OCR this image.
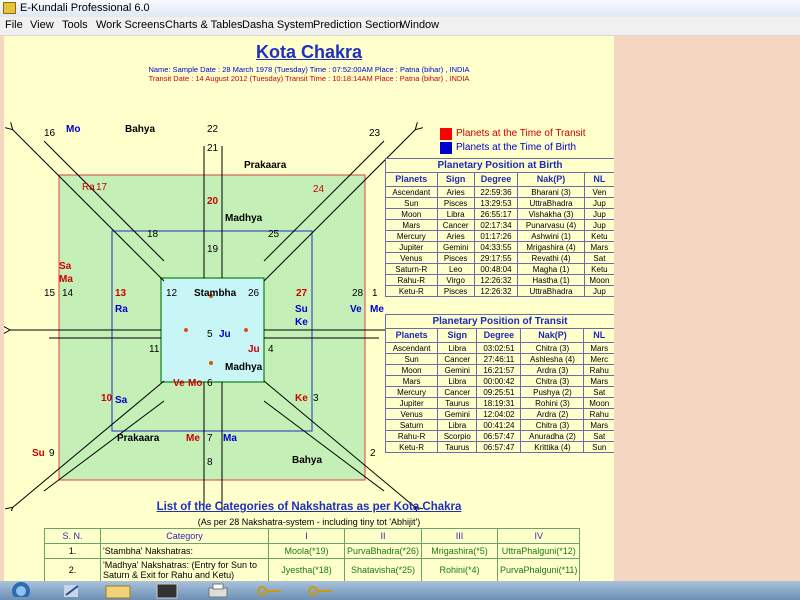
E-Kundali Professional 6.0
File View Tools Work Screens Charts & Tables Dasha System Prediction Section
Window
Kota Chakra
Name: Sample Date : 28 March 1978 (Tuesday) Time : 07:52:00AM Place : Patna (bihar) , INDIA
Transit Date : 14 August 2012 (Tuesday) Transit Time : 10:18:14AM Place : Patna (bihar) , INDIA
Bahya
Prakaara
Madhya
Stambha
Madhya
Prakaara
Bahya
22
21
20
19
16 Mo	23
Ra 17	24
18	25
Sa
Ma
15 14	13	12	26	27	28 1
Ra	Su
Ke
Ve Me
5 Ju
11	Ju 4
Ve Mo 6
10 Sa	Ke 3
Me 7 Ma
Su 9	2
8
Planets at the Time of Transit
Planets at the Time of Birth
Planetary Position at Birth
Planets	Sign	Degree	Nak(P)	NL
Ascendant	Aries	22:59:36	Bharani (3)	Ven
Sun	Pisces	13:29:53	UttraBhadra	Jup
Moon	Libra	26:55:17	Vishakha (3)	Jup
Mars	Cancer	02:17:34	Punarvasu (4)	Jup
Mercury	Aries	01:17:26	Ashwini (1)	Ketu
Jupiter	Gemini	04:33:55	Mrigashira (4)	Mars
Venus	Pisces	29:17:55	Revathi (4)	Sat
Saturn-R	Leo	00:48:04	Magha (1)	Ketu
Rahu-R	Virgo	12:26:32	Hastha (1)	Moon
Ketu-R	Pisces	12:26:32	UttraBhadra	Jup
Planetary Position of Transit
Planets	Sign	Degree	Nak(P)	NL
Ascendant	Libra	03:02:51	Chitra (3)	Mars
Sun	Cancer	27:46:11	Ashlesha (4)	Merc
Moon	Gemini	16:21:57	Ardra (3)	Rahu
Mars	Libra	00:00:42	Chitra (3)	Mars
Mercury	Cancer	09:25:51	Pushya (2)	Sat
Jupiter	Taurus	18:19:31	Rohini (3)	Moon
Venus	Gemini	12:04:02	Ardra (2)	Rahu
Saturn	Libra	00:41:24	Chitra (3)	Mars
Rahu-R	Scorpio	06:57:47	Anuradha (2)	Sat
Ketu-R	Taurus	06:57:47	Krittika (4)	Sun
List of the Categories of Nakshatras as per Kota Chakra
(As per 28 Nakshatra-system - including tiny tot 'Abhijit')
S. N.	Category	I	II	III	IV
1.	'Stambha' Nakshatras:	Moola(*19)	PurvaBhadra(*26)	Mrigashira(*5)	UttraPhalguni(*12)
2.	'Madhya' Nakshatras: (Entry for Sun to Saturn & Exit for Rahu and Ketu)	Jyestha(*18)	Shatavisha(*25)	Rohini(*4)	PurvaPhalguni(*11)
